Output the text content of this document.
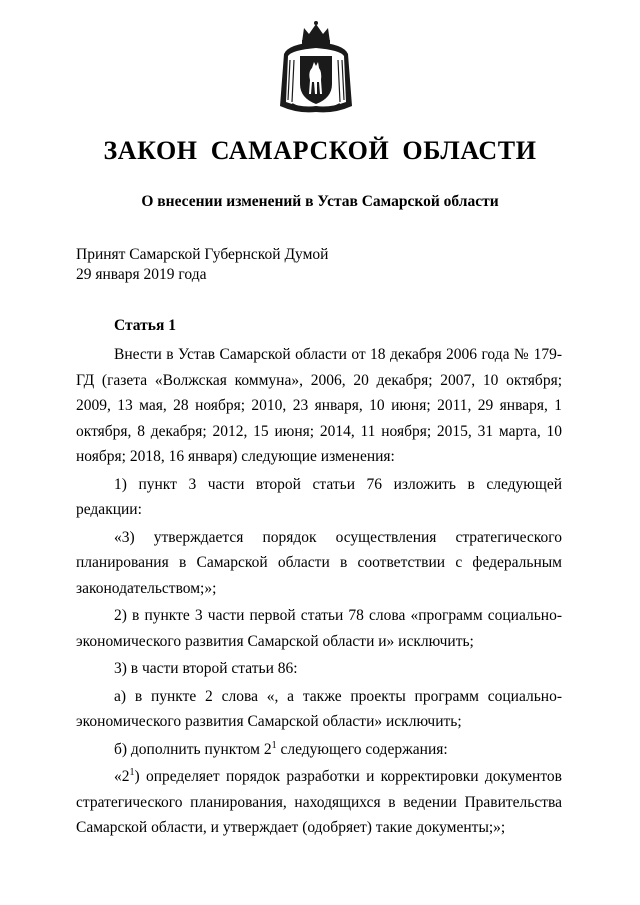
ЗАКОН САМАРСКОЙ ОБЛАСТИ
О внесении изменений в Устав Самарской области
Принят Самарской Губернской Думой
29 января 2019 года
Статья 1

Внести в Устав Самарской области от 18 декабря 2006 года № 179-ГД (газета «Волжская коммуна», 2006, 20 декабря; 2007, 10 октября; 2009, 13 мая, 28 ноября; 2010, 23 января, 10 июня; 2011, 29 января, 1 октября, 8 декабря; 2012, 15 июня; 2014, 11 ноября; 2015, 31 марта, 10 ноября; 2018, 16 января) следующие изменения:

1) пункт 3 части второй статьи 76 изложить в следующей редакции:

«3) утверждается порядок осуществления стратегического планирования в Самарской области в соответствии с федеральным законодательством;»;

2) в пункте 3 части первой статьи 78 слова «программ социально-экономического развития Самарской области и» исключить;

3) в части второй статьи 86:

а) в пункте 2 слова «, а также проекты программ социально-экономического развития Самарской области» исключить;

б) дополнить пунктом $2^1$ следующего содержания:

«$2^1$) определяет порядок разработки и корректировки документов стратегического планирования, находящихся в ведении Правительства Самарской области, и утверждает (одобряет) такие документы;»;
